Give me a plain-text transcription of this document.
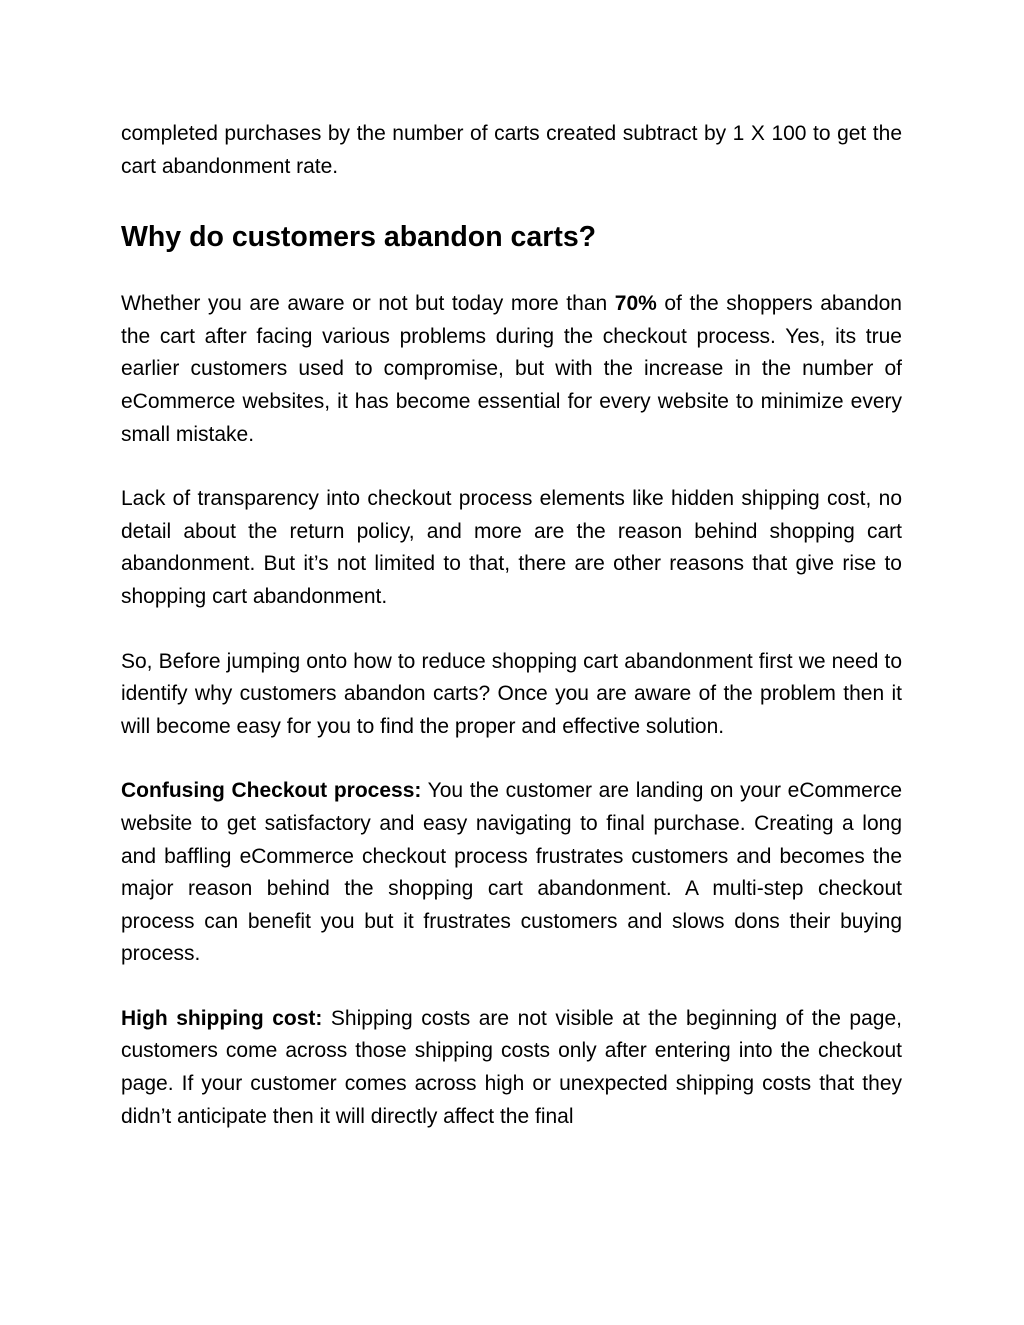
completed purchases by the number of carts created subtract by 1 X 100 to get the cart abandonment rate.

Why do customers abandon carts?

Whether you are aware or not but today more than 70% of the shoppers abandon the cart after facing various problems during the checkout process. Yes, its true earlier customers used to compromise, but with the increase in the number of eCommerce websites, it has become essential for every website to minimize every small mistake.

Lack of transparency into checkout process elements like hidden shipping cost, no detail about the return policy, and more are the reason behind shopping cart abandonment. But it’s not limited to that, there are other reasons that give rise to shopping cart abandonment.

So, Before jumping onto how to reduce shopping cart abandonment first we need to identify why customers abandon carts? Once you are aware of the problem then it will become easy for you to find the proper and effective solution.

Confusing Checkout process: You the customer are landing on your eCommerce website to get satisfactory and easy navigating to final purchase. Creating a long and baffling eCommerce checkout process frustrates customers and becomes the major reason behind the shopping cart abandonment. A multi-step checkout process can benefit you but it frustrates customers and slows dons their buying process.

High shipping cost: Shipping costs are not visible at the beginning of the page, customers come across those shipping costs only after entering into the checkout page. If your customer comes across high or unexpected shipping costs that they didn’t anticipate then it will directly affect the final
